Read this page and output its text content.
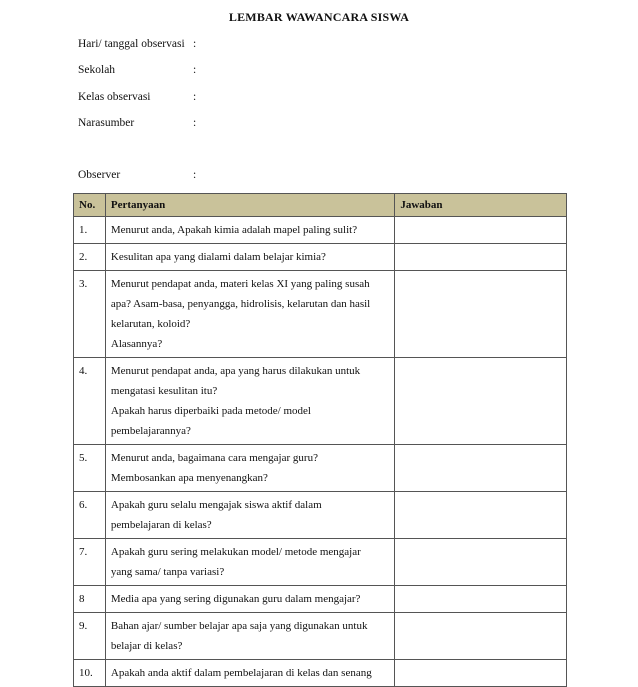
LEMBAR WAWANCARA SISWA
Hari/ tanggal observasi :
Sekolah	:
Kelas observasi	:
Narasumber	:
Observer	:
No.	Pertanyaan	Jawaban
1.	Menurut anda, Apakah kimia adalah mapel paling sulit?	

2.	Kesulitan apa yang dialami dalam belajar kimia?	

3.	Menurut pendapat anda, materi kelas XI yang paling susah
apa? Asam-basa, penyangga, hidrolisis, kelarutan dan hasil
kelarutan, koloid?
Alasannya?	

4.	Menurut pendapat anda, apa yang harus dilakukan untuk
mengatasi kesulitan itu?
Apakah harus diperbaiki pada metode/ model
pembelajarannya?	

5.	Menurut anda, bagaimana cara mengajar guru?
Membosankan apa menyenangkan?	

6.	Apakah guru selalu mengajak siswa aktif dalam
pembelajaran di kelas?	

7.	Apakah guru sering melakukan model/ metode mengajar
yang sama/ tanpa variasi?	

8	Media apa yang sering digunakan guru dalam mengajar?	

9.	Bahan ajar/ sumber belajar apa saja yang digunakan untuk
belajar di kelas?	

10.	Apakah anda aktif dalam pembelajaran di kelas dan senang	
